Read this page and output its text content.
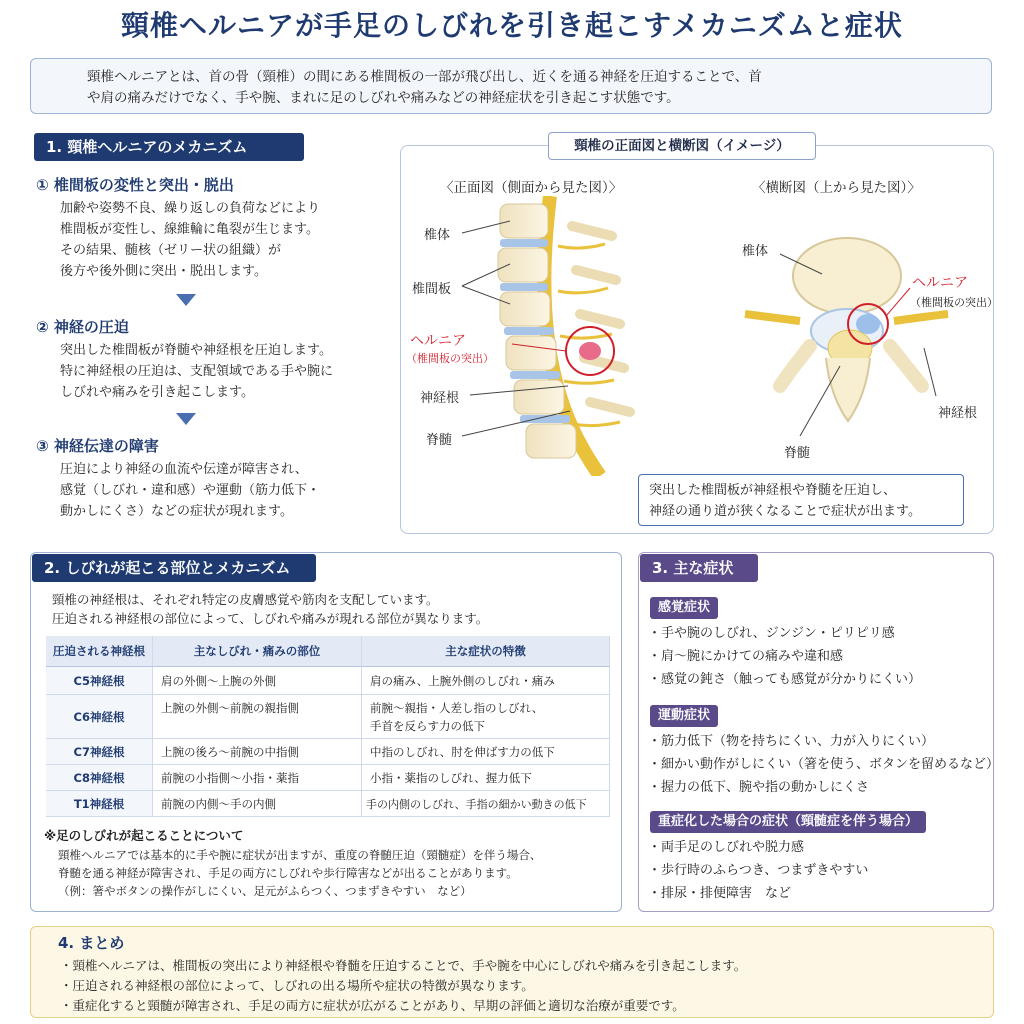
頸椎ヘルニアが手足のしびれを引き起こすメカニズムと症状
頸椎ヘルニアとは、首の骨（頸椎）の間にある椎間板の一部が飛び出し、近くを通る神経を圧迫することで、首
や肩の痛みだけでなく、手や腕、まれに足のしびれや痛みなどの神経症状を引き起こす状態です。
1. 頸椎ヘルニアのメカニズム
① 椎間板の変性と突出・脱出
加齢や姿勢不良、繰り返しの負荷などにより
椎間板が変性し、線維輪に亀裂が生じます。
その結果、髄核（ゼリー状の組織）が
後方や後外側に突出・脱出します。
② 神経の圧迫
突出した椎間板が脊髄や神経根を圧迫します。
特に神経根の圧迫は、支配領域である手や腕に
しびれや痛みを引き起こします。
③ 神経伝達の障害
圧迫により神経の血流や伝達が障害され、
感覚（しびれ・違和感）や運動（筋力低下・
動かしにくさ）などの症状が現れます。
頸椎の正面図と横断図（イメージ）
〈正面図（側面から見た図）〉	〈横断図（上から見た図）〉
椎体
椎間板
ヘルニア
（椎間板の突出）
神経根
脊髄
椎体
ヘルニア
（椎間板の突出）
神経根
脊髄
突出した椎間板が神経根や脊髄を圧迫し、
神経の通り道が狭くなることで症状が出ます。
2. しびれが起こる部位とメカニズム
頸椎の神経根は、それぞれ特定の皮膚感覚や筋肉を支配しています。
圧迫される神経根の部位によって、しびれや痛みが現れる部位が異なります。
圧迫される神経根	主なしびれ・痛みの部位	主な症状の特徴
C5神経根	肩の外側〜上腕の外側	肩の痛み、上腕外側のしびれ・痛み
C6神経根	上腕の外側〜前腕の親指側	前腕〜親指・人差し指のしびれ、
手首を反らす力の低下

C7神経根	上腕の後ろ〜前腕の中指側	中指のしびれ、肘を伸ばす力の低下
C8神経根	前腕の小指側〜小指・薬指	小指・薬指のしびれ、握力低下
T1神経根	前腕の内側〜手の内側	手の内側のしびれ、手指の細かい動きの低下
※足のしびれが起こることについて
頸椎ヘルニアでは基本的に手や腕に症状が出ますが、重度の脊髄圧迫（頸髄症）を伴う場合、
脊髄を通る神経が障害され、手足の両方にしびれや歩行障害などが出ることがあります。
（例：箸やボタンの操作がしにくい、足元がふらつく、つまずきやすい　など）
3. 主な症状
感覚症状
・手や腕のしびれ、ジンジン・ピリピリ感
・肩〜腕にかけての痛みや違和感
・感覚の鈍さ（触っても感覚が分かりにくい）
運動症状
・筋力低下（物を持ちにくい、力が入りにくい）
・細かい動作がしにくい（箸を使う、ボタンを留めるなど）
・握力の低下、腕や指の動かしにくさ
重症化した場合の症状（頸髄症を伴う場合）
・両手足のしびれや脱力感
・歩行時のふらつき、つまずきやすい
・排尿・排便障害　など
4. まとめ
・頸椎ヘルニアは、椎間板の突出により神経根や脊髄を圧迫することで、手や腕を中心にしびれや痛みを引き起こします。
・圧迫される神経根の部位によって、しびれの出る場所や症状の特徴が異なります。
・重症化すると頸髄が障害され、手足の両方に症状が広がることがあり、早期の評価と適切な治療が重要です。
